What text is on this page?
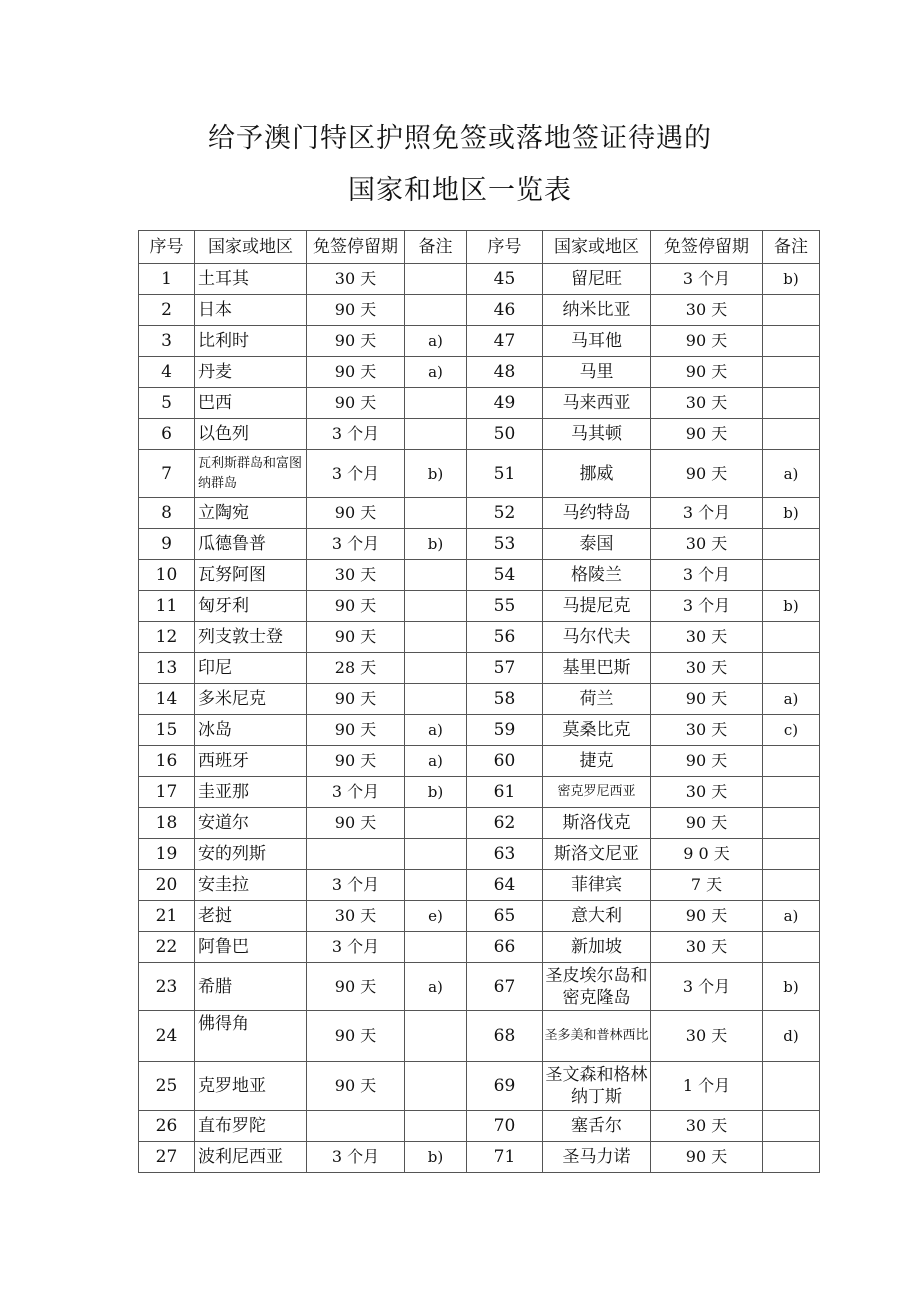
给予澳门特区护照免签或落地签证待遇的
国家和地区一览表
序号	国家或地区	免签停留期	备注	序号	国家或地区	免签停留期	备注
1	土耳其	30 天		45	留尼旺	3 个月	b)
2	日本	90 天		46	纳米比亚	30 天	
3	比利时	90 天	a)	47	马耳他	90 天	
4	丹麦	90 天	a)	48	马里	90 天	
5	巴西	90 天		49	马来西亚	30 天	
6	以色列	3 个月		50	马其顿	90 天	
7	瓦利斯群岛和富图纳群岛	3 个月	b)	51	挪威	90 天	a)
8	立陶宛	90 天		52	马约特岛	3 个月	b)
9	瓜德鲁普	3 个月	b)	53	泰国	30 天	
10	瓦努阿图	30 天		54	格陵兰	3 个月	
11	匈牙利	90 天		55	马提尼克	3 个月	b)
12	列支敦士登	90 天		56	马尔代夫	30 天	
13	印尼	28 天		57	基里巴斯	30 天	
14	多米尼克	90 天		58	荷兰	90 天	a)
15	冰岛	90 天	a)	59	莫桑比克	30 天	c)
16	西班牙	90 天	a)	60	捷克	90 天	
17	圭亚那	3 个月	b)	61	密克罗尼西亚	30 天	
18	安道尔	90 天		62	斯洛伐克	90 天	
19	安的列斯			63	斯洛文尼亚	9 0 天	
20	安圭拉	3 个月		64	菲律宾	7 天	
21	老挝	30 天	e)	65	意大利	90 天	a)
22	阿鲁巴	3 个月		66	新加坡	30 天	
23	希腊	90 天	a)	67	圣皮埃尔岛和密克隆岛	3 个月	b)
24	佛得角	90 天		68	圣多美和普林西比	30 天	d)
25	克罗地亚	90 天		69	圣文森和格林纳丁斯	1 个月	
26	直布罗陀			70	塞舌尔	30 天	
27	波利尼西亚	3 个月	b)	71	圣马力诺	90 天	
